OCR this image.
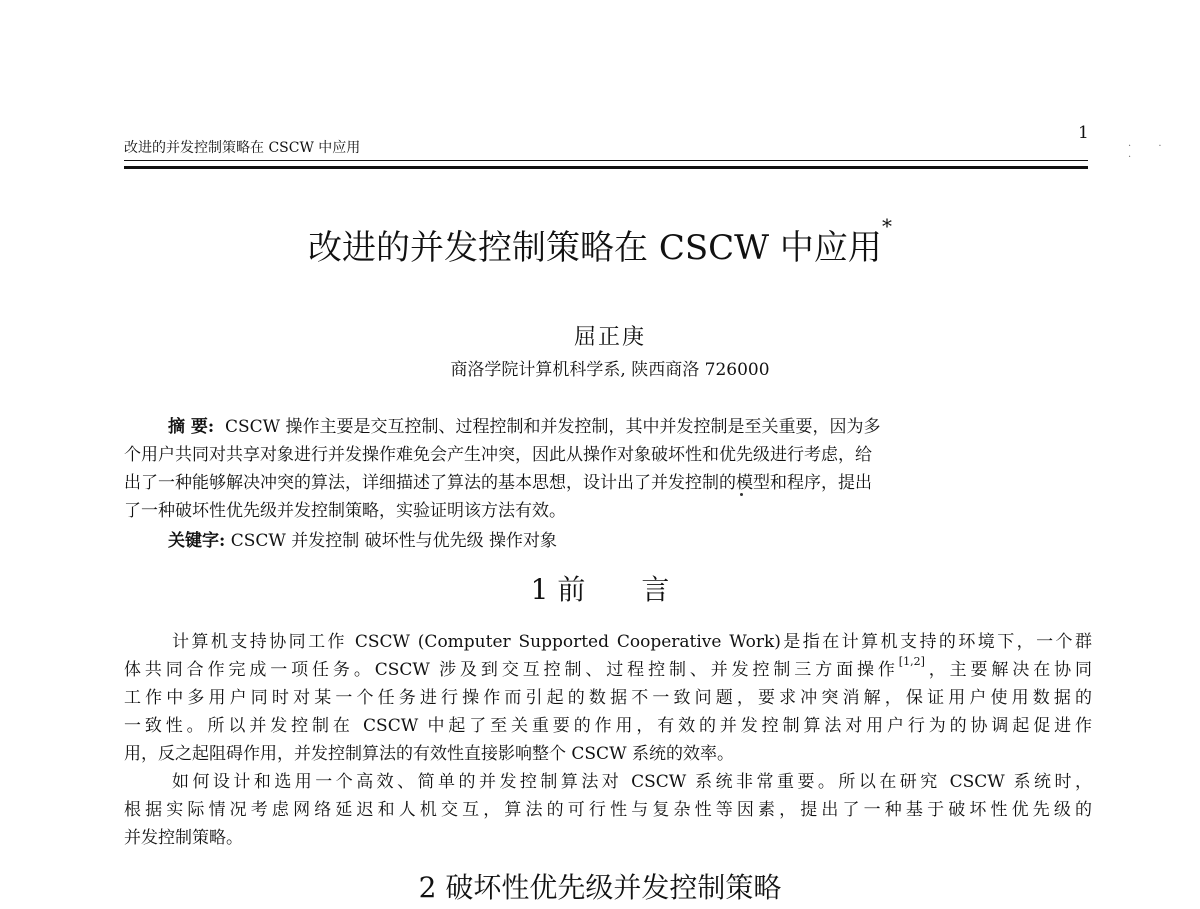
改进的并发控制策略在 CSCW 中应用
1
· · ·
改进的并发控制策略在 CSCW 中应用*
屈正庚
商洛学院计算机科学系, 陕西商洛 726000
摘 要: CSCW 操作主要是交互控制、过程控制和并发控制，其中并发控制是至关重要，因为多
个用户共同对共享对象进行并发操作难免会产生冲突，因此从操作对象破坏性和优先级进行考虑，给
出了一种能够解决冲突的算法，详细描述了算法的基本思想，设计出了并发控制的模型和程序，提出
了一种破坏性优先级并发控制策略，实验证明该方法有效。
关键字: CSCW 并发控制 破坏性与优先级 操作对象
1 前　　言
计算机支持协同工作 CSCW (Computer Supported Cooperative Work)是指在计算机支持的环境下，一个群
体共同合作完成一项任务。CSCW 涉及到交互控制、过程控制、并发控制三方面操作[1,2]，主要解决在协同
工作中多用户同时对某一个任务进行操作而引起的数据不一致问题，要求冲突消解，保证用户使用数据的
一致性。所以并发控制在 CSCW 中起了至关重要的作用，有效的并发控制算法对用户行为的协调起促进作
用，反之起阻碍作用，并发控制算法的有效性直接影响整个 CSCW 系统的效率。
如何设计和选用一个高效、简单的并发控制算法对 CSCW 系统非常重要。所以在研究 CSCW 系统时，
根据实际情况考虑网络延迟和人机交互，算法的可行性与复杂性等因素，提出了一种基于破坏性优先级的
并发控制策略。
2 破坏性优先级并发控制策略
